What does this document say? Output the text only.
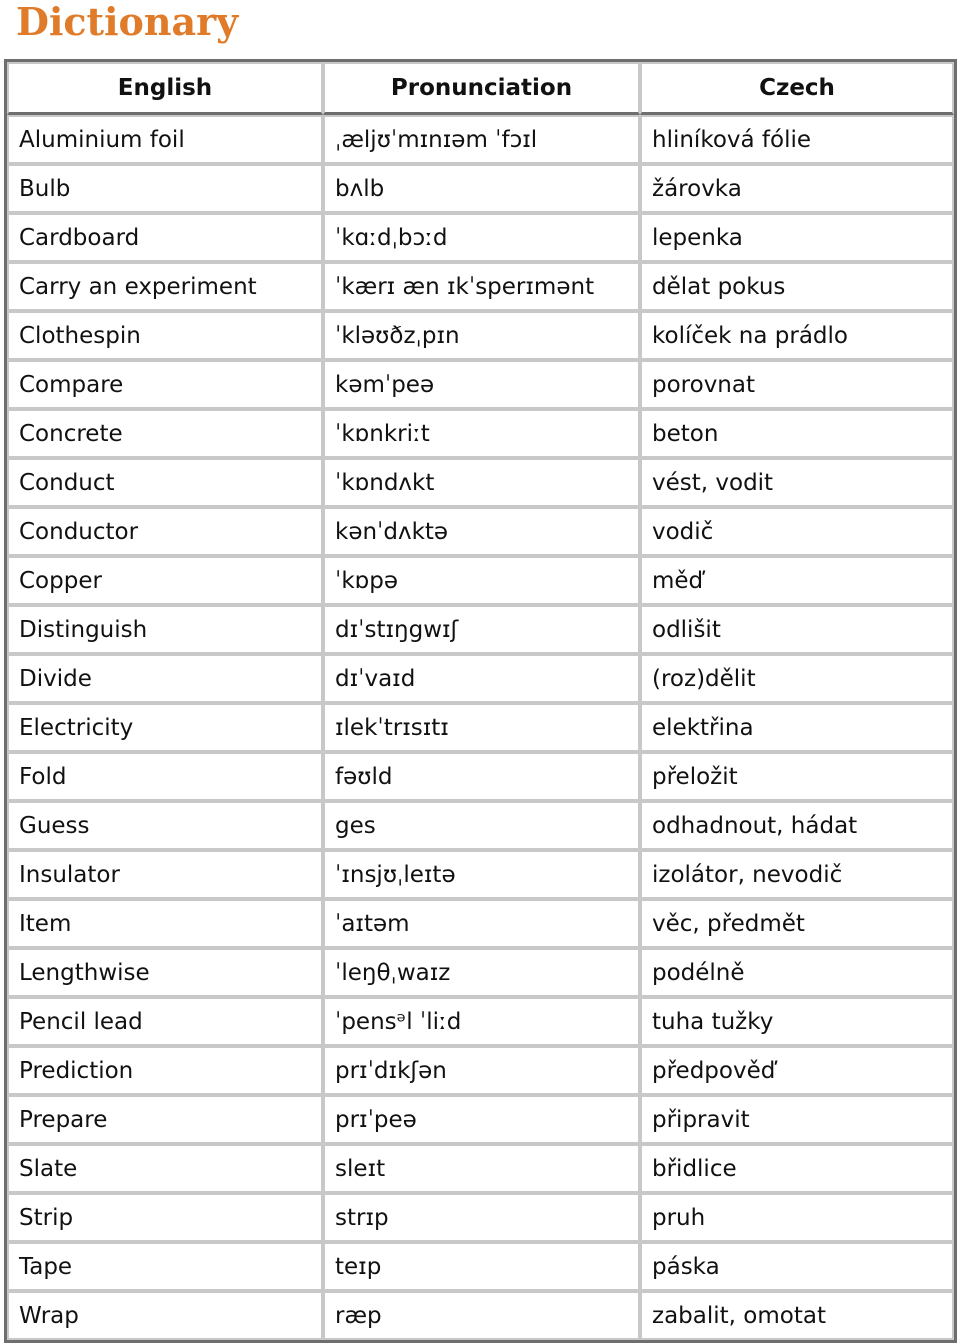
Dictionary
English	Pronunciation	Czech
Aluminium foil	ˌæljʊˈmɪnɪəm ˈfɔɪl	hliníková fólie
Bulb	bʌlb	žárovka
Cardboard	ˈkɑːdˌbɔːd	lepenka
Carry an experiment	ˈkærɪ æn ɪkˈsperɪmənt	dělat pokus
Clothespin	ˈkləʊðzˌpɪn	kolíček na prádlo
Compare	kəmˈpeə	porovnat
Concrete	ˈkɒnkriːt	beton
Conduct	ˈkɒndʌkt	vést, vodit
Conductor	kənˈdʌktə	vodič
Copper	ˈkɒpə	měď
Distinguish	dɪˈstɪŋgwɪʃ	odlišit
Divide	dɪˈvaɪd	(roz)dělit
Electricity	ɪlekˈtrɪsɪtɪ	elektřina
Fold	fəʊld	přeložit
Guess	ges	odhadnout, hádat
Insulator	ˈɪnsjʊˌleɪtə	izolátor, nevodič
Item	ˈaɪtəm	věc, předmět
Lengthwise	ˈleŋθˌwaɪz	podélně
Pencil lead	ˈpensᵊl ˈliːd	tuha tužky
Prediction	prɪˈdɪkʃən	předpověď
Prepare	prɪˈpeə	připravit
Slate	sleɪt	břidlice
Strip	strɪp	pruh
Tape	teɪp	páska
Wrap	ræp	zabalit, omotat
